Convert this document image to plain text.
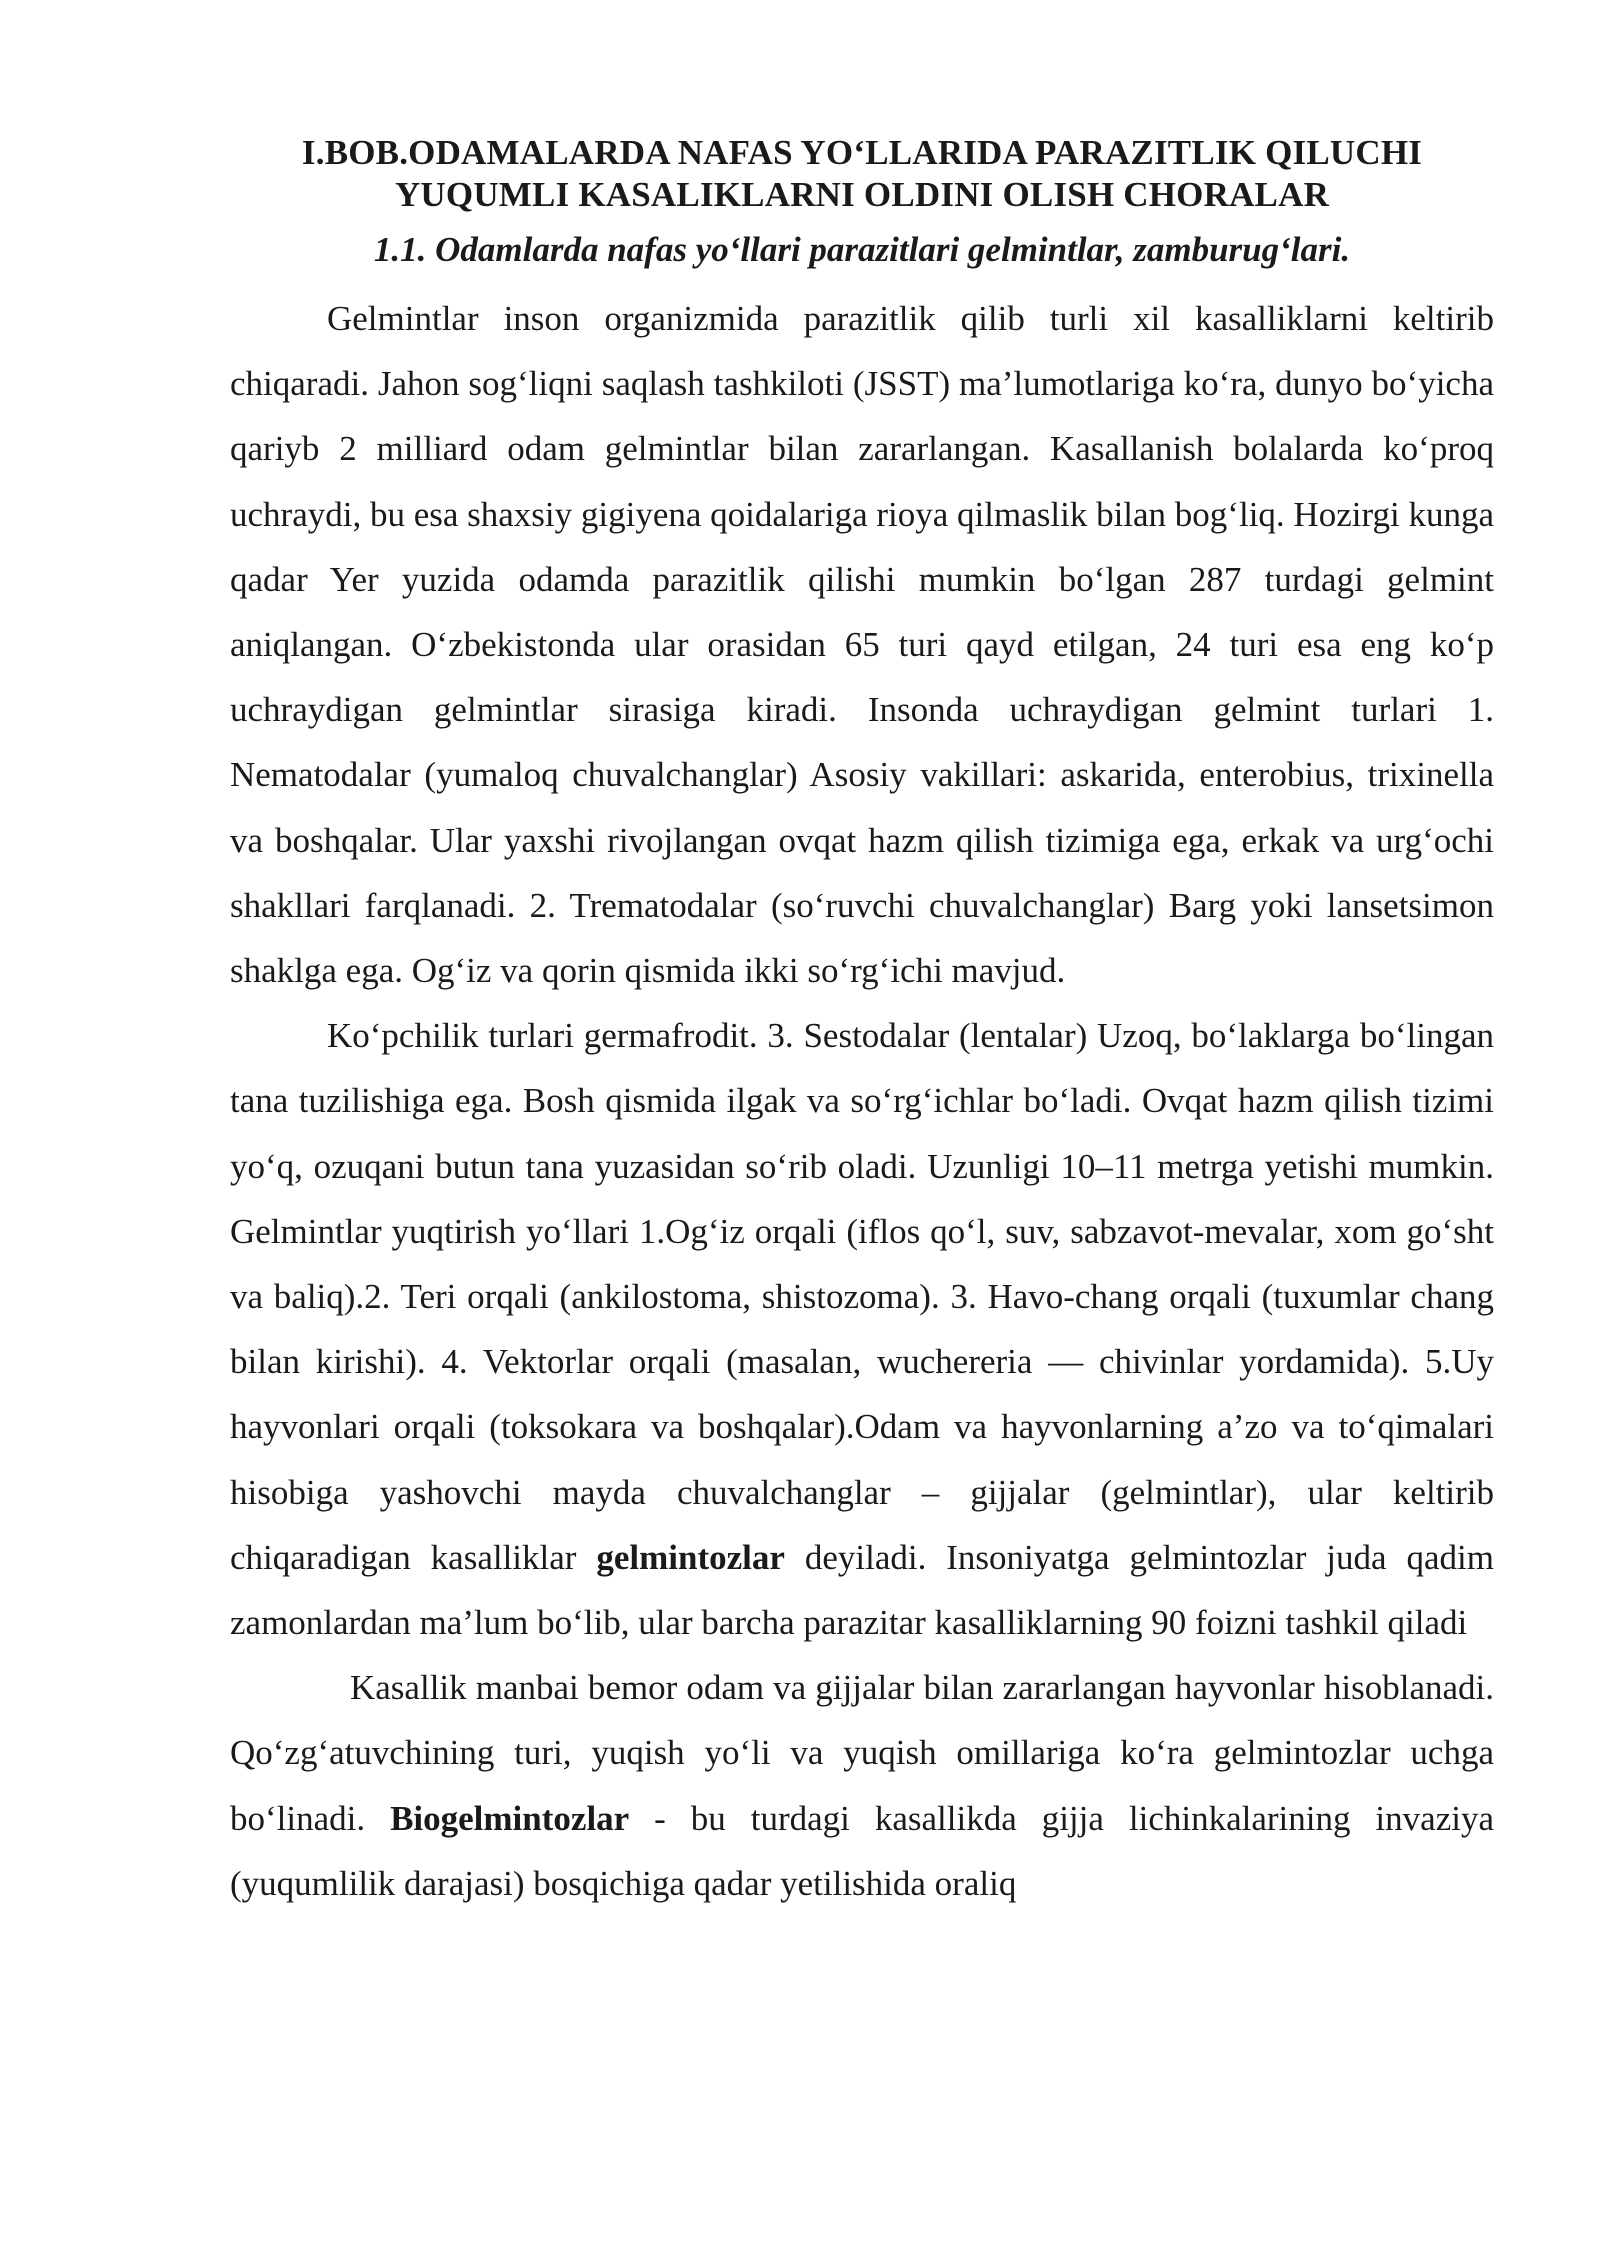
I.BOB.ODAMALARDA NAFAS YO‘LLARIDA PARAZITLIK QILUCHI
YUQUMLI KASALIKLARNI OLDINI OLISH CHORALAR
1.1. Odamlarda nafas yo‘llari parazitlari gelmintlar, zamburug‘lari.

Gelmintlar inson organizmida parazitlik qilib turli xil kasalliklarni keltirib chiqaradi. Jahon sog‘liqni saqlash tashkiloti (JSST) ma’lumotlariga ko‘ra, dunyo bo‘yicha qariyb 2 milliard odam gelmintlar bilan zararlangan. Kasallanish bolalarda ko‘proq uchraydi, bu esa shaxsiy gigiyena qoidalariga rioya qilmaslik bilan bog‘liq. Hozirgi kunga qadar Yer yuzida odamda parazitlik qilishi mumkin bo‘lgan 287 turdagi gelmint aniqlangan. O‘zbekistonda ular orasidan 65 turi qayd etilgan, 24 turi esa eng ko‘p uchraydigan gelmintlar sirasiga kiradi. Insonda uchraydigan gelmint turlari 1. Nematodalar (yumaloq chuvalchanglar) Asosiy vakillari: askarida, enterobius, trixinella va boshqalar. Ular yaxshi rivojlangan ovqat hazm qilish tizimiga ega, erkak va urg‘ochi shakllari farqlanadi. 2. Trematodalar (so‘ruvchi chuvalchanglar) Barg yoki lansetsimon shaklga ega. Og‘iz va qorin qismida ikki so‘rg‘ichi mavjud.

Ko‘pchilik turlari germafrodit. 3. Sestodalar (lentalar) Uzoq, bo‘laklarga bo‘lingan tana tuzilishiga ega. Bosh qismida ilgak va so‘rg‘ichlar bo‘ladi. Ovqat hazm qilish tizimi yo‘q, ozuqani butun tana yuzasidan so‘rib oladi. Uzunligi 10–11 metrga yetishi mumkin. Gelmintlar yuqtirish yo‘llari 1.Og‘iz orqali (iflos qo‘l, suv, sabzavot-mevalar, xom go‘sht va baliq).2. Teri orqali (ankilostoma, shistozoma). 3. Havo-chang orqali (tuxumlar chang bilan kirishi). 4. Vektorlar orqali (masalan, wuchereria — chivinlar yordamida). 5.Uy hayvonlari orqali (toksokara va boshqalar).Odam va hayvonlarning a’zo va to‘qimalari hisobiga yashovchi mayda chuvalchanglar – gijjalar (gelmintlar), ular keltirib chiqaradigan kasalliklar gelmintozlar deyiladi. Insoniyatga gelmintozlar juda qadim zamonlardan ma’lum bo‘lib, ular barcha parazitar kasalliklarning 90 foizni tashkil qiladi

Kasallik manbai bemor odam va gijjalar bilan zararlangan hayvonlar hisoblanadi. Qo‘zg‘atuvchining turi, yuqish yo‘li va yuqish omillariga ko‘ra gelmintozlar uchga bo‘linadi. Biogelmintozlar - bu turdagi kasallikda gijja lichinkalarining invaziya (yuqumlilik darajasi) bosqichiga qadar yetilishida oraliq
